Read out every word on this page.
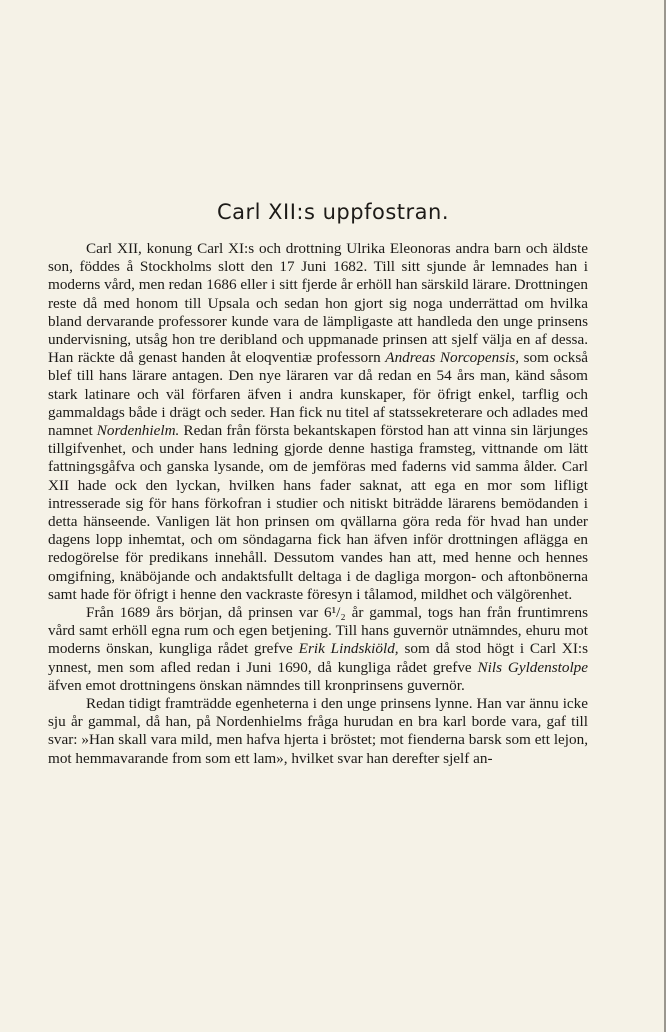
Carl XII:s uppfostran.

Carl XII, konung Carl XI:s och drottning Ulrika Eleonoras andra barn och äldste son, föddes å Stockholms slott den 17 Juni 1682. Till sitt sjunde år lemnades han i moderns vård, men redan 1686 eller i sitt fjerde år erhöll han särskild lärare. Drottningen reste då med honom till Upsala och sedan hon gjort sig noga underrättad om hvilka bland dervarande professorer kunde vara de lämpligaste att handleda den unge prinsens undervisning, utsåg hon tre deribland och uppmanade prinsen att sjelf välja en af dessa. Han räckte då genast handen åt eloqventiæ professorn Andreas Norcopensis, som också blef till hans lärare antagen. Den nye läraren var då redan en 54 års man, känd såsom stark latinare och väl förfaren äfven i andra kunskaper, för öfrigt enkel, tarflig och gammaldags både i drägt och seder. Han fick nu titel af statssekreterare och adlades med namnet Nordenhielm. Redan från första bekantskapen förstod han att vinna sin lärjunges tillgifvenhet, och under hans ledning gjorde denne hastiga framsteg, vittnande om lätt fattningsgåfva och ganska lysande, om de jemföras med faderns vid samma ålder. Carl XII hade ock den lyckan, hvilken hans fader saknat, att ega en mor som lifligt intresserade sig för hans förkofran i studier och nitiskt biträdde lärarens bemödanden i detta hänseende. Vanligen lät hon prinsen om qvällarna göra reda för hvad han under dagens lopp inhemtat, och om söndagarna fick han äfven inför drottningen aflägga en redogörelse för predikans innehåll. Dessutom vandes han att, med henne och hennes omgifning, knäböjande och andaktsfullt deltaga i de dagliga morgon- och aftonbönerna samt hade för öfrigt i henne den vackraste föresyn i tålamod, mildhet och välgörenhet.

Från 1689 års början, då prinsen var 6¹/₂ år gammal, togs han från fruntimrens vård samt erhöll egna rum och egen betjening. Till hans guvernör utnämndes, ehuru mot moderns önskan, kungliga rådet grefve Erik Lindskiöld, som då stod högt i Carl XI:s ynnest, men som afled redan i Juni 1690, då kungliga rådet grefve Nils Gyldenstolpe äfven emot drottningens önskan nämndes till kronprinsens guvernör.

Redan tidigt framträdde egenheterna i den unge prinsens lynne. Han var ännu icke sju år gammal, då han, på Nordenhielms fråga hurudan en bra karl borde vara, gaf till svar: »Han skall vara mild, men hafva hjerta i bröstet; mot fienderna barsk som ett lejon, mot hemmavarande from som ett lam», hvilket svar han derefter sjelf an-
